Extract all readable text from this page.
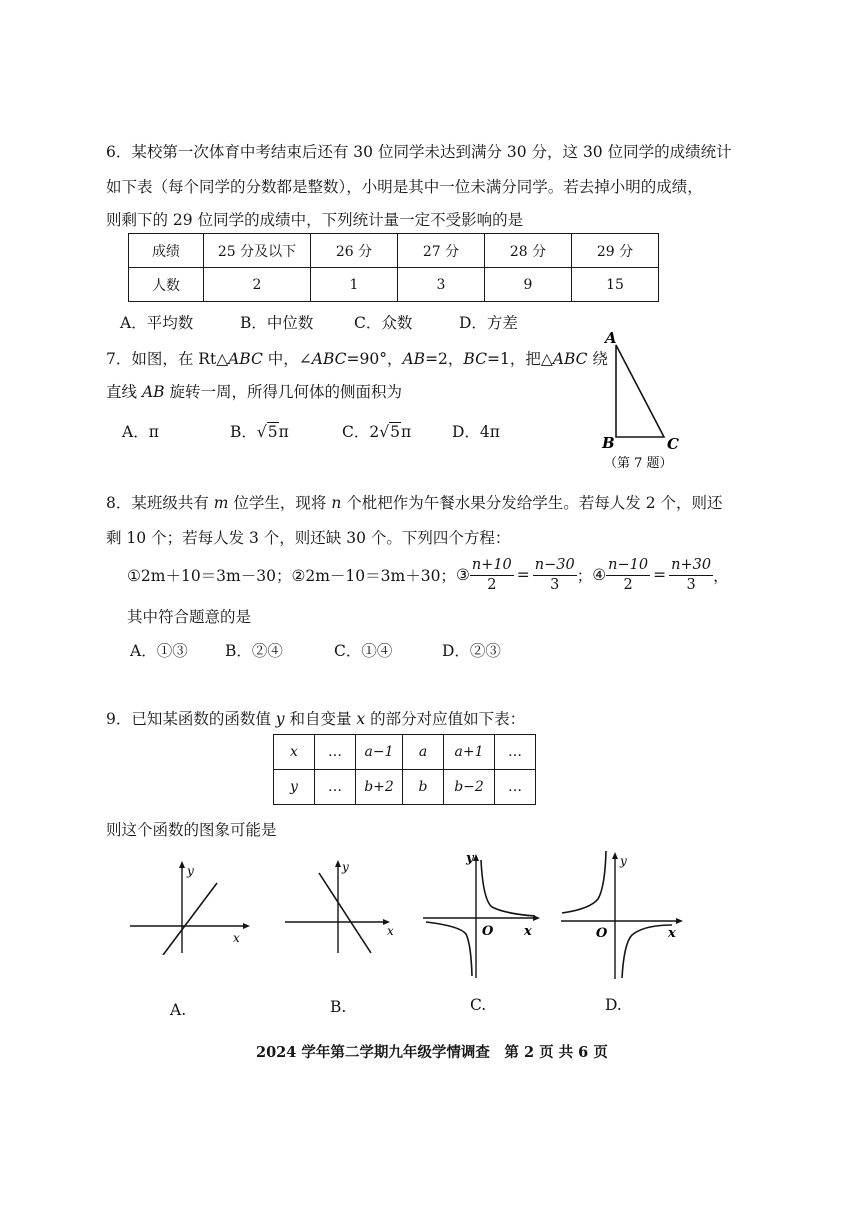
6．某校第一次体育中考结束后还有 30 位同学未达到满分 30 分，这 30 位同学的成绩统计
如下表（每个同学的分数都是整数），小明是其中一位未满分同学。若去掉小明的成绩，
则剩下的 29 位同学的成绩中，下列统计量一定不受影响的是
成绩	25 分及以下	26 分	27 分	28 分	29 分
人数	2	1	3	9	15
A．平均数	B．中位数	C．众数	D．方差
7．如图，在 Rt△ABC 中，∠ABC=90°，AB=2，BC=1，把△ABC 绕
直线 AB 旋转一周，所得几何体的侧面积为
A．π	B．√5π	C．2√5π	D．4π
A
B	C
（第 7 题）
8．某班级共有 m 位学生，现将 n 个枇杷作为午餐水果分发给学生。若每人发 2 个，则还
剩 10 个；若每人发 3 个，则还缺 30 个。下列四个方程：
①2m＋10＝3m－30； ②2m－10＝3m＋30； ③ $\frac{n+10}{2} = \frac{n-30}{3}$ ； ④ $\frac{n-10}{2} = \frac{n+30}{3}$ ，
其中符合题意的是
A．①③ B．②④	C．①④	D．②③
9．已知某函数的函数值 y 和自变量 x 的部分对应值如下表：
x	…	a−1	a	a+1	…
y	…	b+2	b	b−2	…
则这个函数的图象可能是
x
y
A.
x
y
B.
y
O x
C.
y
O	x
D.
2024 学年第二学期九年级学情调查　第 2 页 共 6 页
